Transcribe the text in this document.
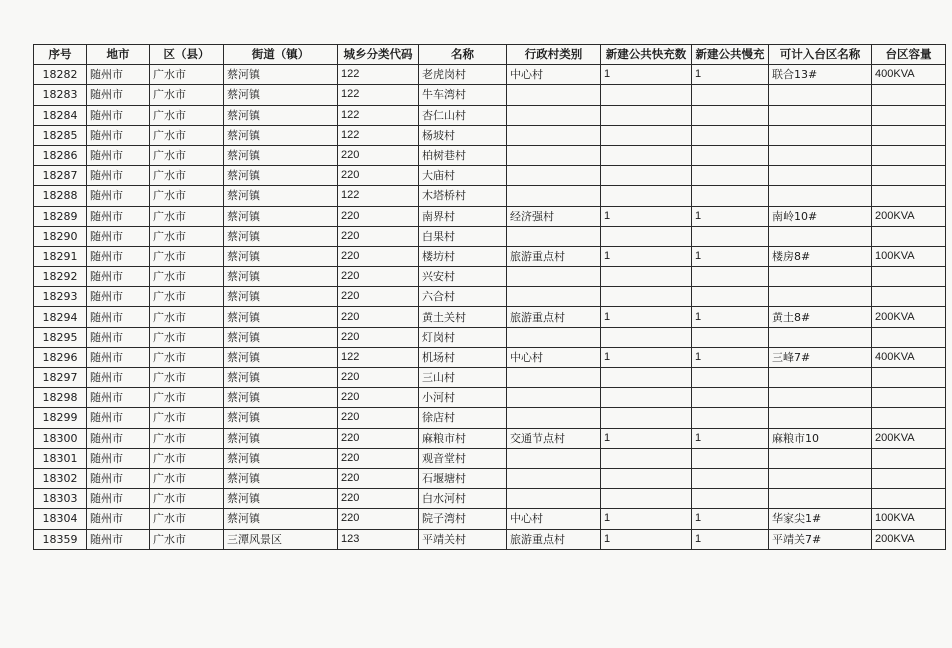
序号	地市	区（县）	街道（镇）	城乡分类代码	名称	行政村类别	新建公共快充数	新建公共慢充	可计入台区名称	台区容量
18282	随州市	广水市	蔡河镇	122	老虎岗村	中心村	1	1	联合13#	400KVA
18283	随州市	广水市	蔡河镇	122	牛车湾村					
18284	随州市	广水市	蔡河镇	122	杏仁山村					
18285	随州市	广水市	蔡河镇	122	杨坡村					
18286	随州市	广水市	蔡河镇	220	柏树巷村					
18287	随州市	广水市	蔡河镇	220	大庙村					
18288	随州市	广水市	蔡河镇	122	木塔桥村					
18289	随州市	广水市	蔡河镇	220	南界村	经济强村	1	1	南岭10#	200KVA
18290	随州市	广水市	蔡河镇	220	白果村					
18291	随州市	广水市	蔡河镇	220	楼坊村	旅游重点村	1	1	楼房8#	100KVA
18292	随州市	广水市	蔡河镇	220	兴安村					
18293	随州市	广水市	蔡河镇	220	六合村					
18294	随州市	广水市	蔡河镇	220	黄土关村	旅游重点村	1	1	黄土8#	200KVA
18295	随州市	广水市	蔡河镇	220	灯岗村					
18296	随州市	广水市	蔡河镇	122	机场村	中心村	1	1	三峰7#	400KVA
18297	随州市	广水市	蔡河镇	220	三山村					
18298	随州市	广水市	蔡河镇	220	小河村					
18299	随州市	广水市	蔡河镇	220	徐店村					
18300	随州市	广水市	蔡河镇	220	麻粮市村	交通节点村	1	1	麻粮市10	200KVA
18301	随州市	广水市	蔡河镇	220	观音堂村					
18302	随州市	广水市	蔡河镇	220	石堰塘村					
18303	随州市	广水市	蔡河镇	220	白水河村					
18304	随州市	广水市	蔡河镇	220	院子湾村	中心村	1	1	华家尖1#	100KVA
18359	随州市	广水市	三潭风景区	123	平靖关村	旅游重点村	1	1	平靖关7#	200KVA
